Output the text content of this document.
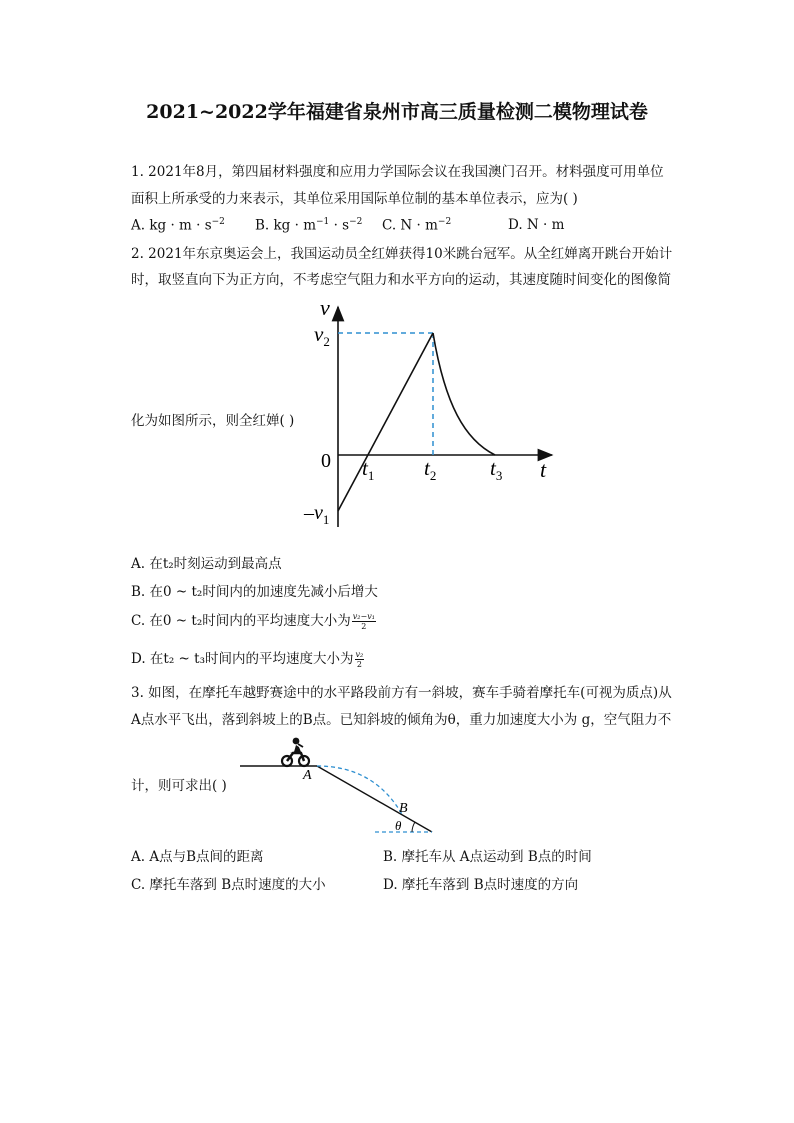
2021~2022学年福建省泉州市高三质量检测二模物理试卷
1. 2021年8月，第四届材料强度和应用力学国际会议在我国澳门召开。材料强度可用单位
面积上所承受的力来表示，其单位采用国际单位制的基本单位表示，应为( )
A. kg · $m \cdot s^{-2}$ B. kg · $m^{-1} \cdot s^{-2}$ C. $N \cdot m^{-2}$	D. N · m
2. 2021年东京奥运会上，我国运动员全红婵获得10米跳台冠军。从全红婵离开跳台开始计
时，取竖直向下为正方向，不考虑空气阻力和水平方向的运动，其速度随时间变化的图像简
化为如图所示，则全红婵( )
v
$v_2$
0
$-v_1$
$t_1$ $t_2$	$t_3$ t
A. 在t₂时刻运动到最高点
B. 在0 ~ t₂时间内的加速度先减小后增大
C. 在0 ~ t₂时间内的平均速度大小为 $\frac{\text{v₂−v₁}}{2}$
D. 在t₂ ~ t₃时间内的平均速度大小为 $\frac{\text{v₂}}{2}$
3. 如图，在摩托车越野赛途中的水平路段前方有一斜坡，赛车手骑着摩托车(可视为质点)从
A点水平飞出，落到斜坡上的B点。已知斜坡的倾角为θ，重力加速度大小为 g，空气阻力不
计，则可求出( )
A
B
θ
A. A点与B点间的距离	B. 摩托车从 A点运动到 B点的时间
C. 摩托车落到 B点时速度的大小	D. 摩托车落到 B点时速度的方向
